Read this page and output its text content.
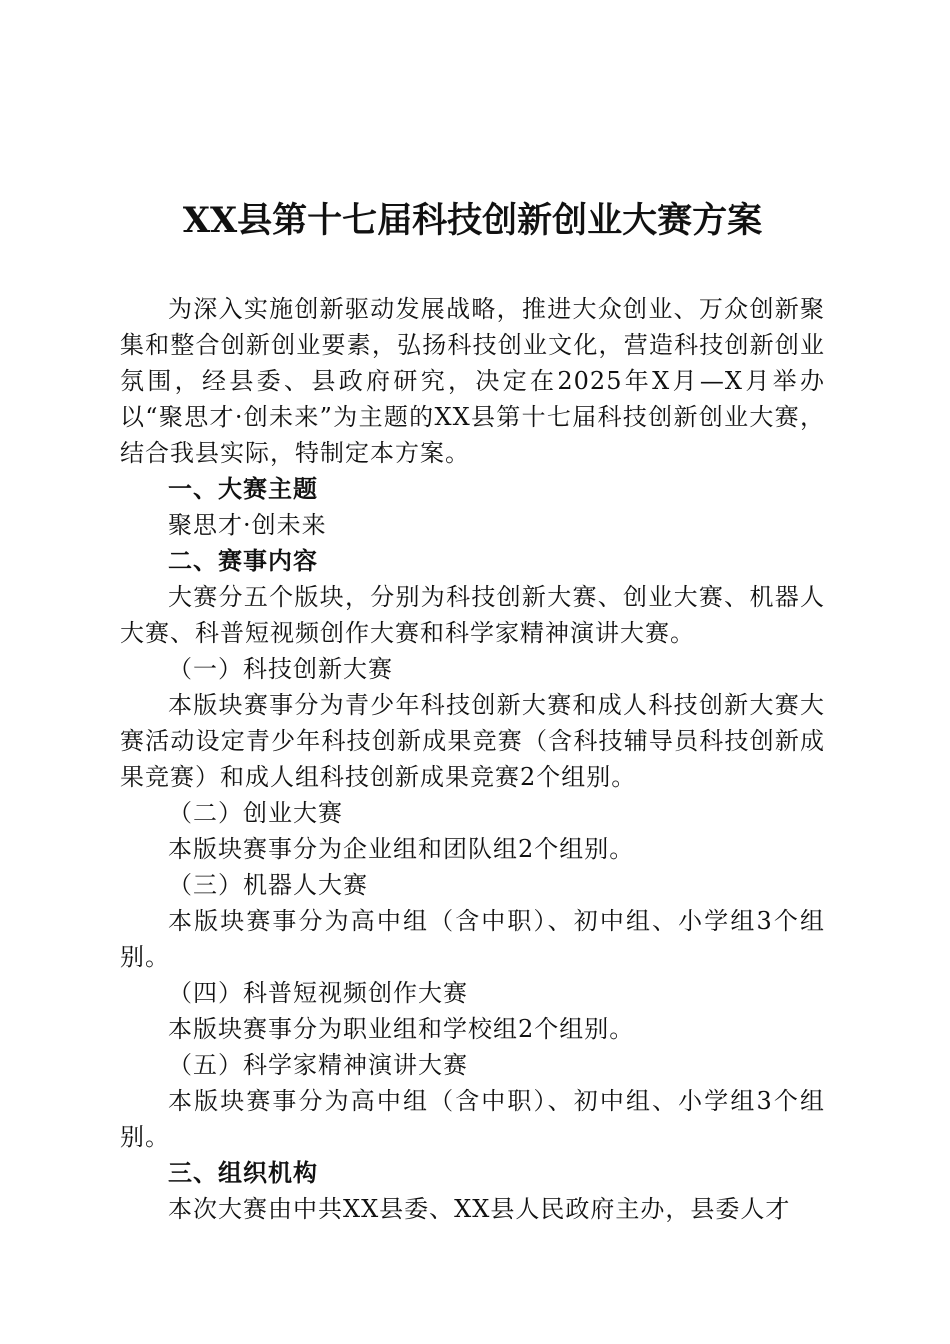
XX县第十七届科技创新创业大赛方案

为深入实施创新驱动发展战略，推进大众创业、万众创新聚集和整合创新创业要素，弘扬科技创业文化，营造科技创新创业氛围，经县委、县政府研究，决定在2025年X月—X月举办以“聚思才·创未来”为主题的XX县第十七届科技创新创业大赛，结合我县实际，特制定本方案。

一、大赛主题

聚思才·创未来

二、赛事内容

大赛分五个版块，分别为科技创新大赛、创业大赛、机器人大赛、科普短视频创作大赛和科学家精神演讲大赛。

（一）科技创新大赛

本版块赛事分为青少年科技创新大赛和成人科技创新大赛大赛活动设定青少年科技创新成果竞赛（含科技辅导员科技创新成果竞赛）和成人组科技创新成果竞赛2个组别。

（二）创业大赛

本版块赛事分为企业组和团队组2个组别。

（三）机器人大赛

本版块赛事分为高中组（含中职）、初中组、小学组3个组别。

（四）科普短视频创作大赛

本版块赛事分为职业组和学校组2个组别。

（五）科学家精神演讲大赛

本版块赛事分为高中组（含中职）、初中组、小学组3个组别。

三、组织机构

本次大赛由中共XX县委、XX县人民政府主办，县委人才
